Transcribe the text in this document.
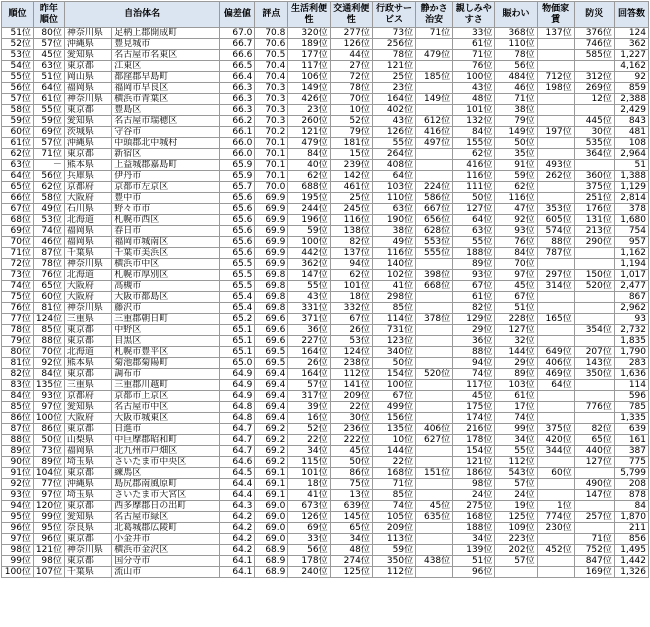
順位	昨年順位	自治体名		偏差値	評点	生活利便性	交通利便性	行政サービス	静かさ治安	親しみやすさ	賑わい	物価家賃	防災	回答数
51位	80位	神奈川県	足柄上郡開成町	67.0	70.8	320位	277位	73位	71位	33位	368位	137位	376位	124
52位	57位	沖縄県	豊見城市	66.7	70.6	189位	126位	256位		61位	110位		746位	362
53位	45位	愛知県	名古屋市名東区	66.6	70.5	177位	44位	78位	479位	71位	78位		585位	1,227
54位	63位	東京都	江東区	66.5	70.4	117位	27位	121位		76位	56位			4,162
55位	51位	岡山県	都窪郡早島町	66.4	70.4	106位	72位	25位	185位	100位	484位	712位	312位	92
56位	64位	福岡県	福岡市早良区	66.3	70.3	149位	78位	23位		43位	46位	198位	269位	859
57位	61位	神奈川県	横浜市青葉区	66.3	70.3	426位	70位	164位	149位	48位	71位		12位	2,388
58位	55位	東京都	豊島区	66.3	70.3	23位	10位	402位		101位	38位			2,429
59位	59位	愛知県	名古屋市瑞穂区	66.2	70.3	260位	52位	43位	612位	132位	79位		445位	843
60位	69位	茨城県	守谷市	66.1	70.2	121位	79位	126位	416位	84位	149位	197位	30位	481
61位	57位	沖縄県	中頭郡北中城村	66.0	70.1	479位	181位	55位	497位	155位	50位		535位	108
62位	71位	東京都	新宿区	66.0	70.1	84位	15位	264位		62位	35位		364位	2,964
63位	－	熊本県	上益城郡嘉島町	65.9	70.1	40位	239位	408位		416位	91位	493位		51
64位	56位	兵庫県	伊丹市	65.9	70.1	62位	142位	64位		116位	59位	262位	360位	1,388
65位	62位	京都府	京都市左京区	65.7	70.0	688位	461位	103位	224位	111位	62位		375位	1,129
66位	58位	大阪府	豊中市	65.6	69.9	195位	25位	110位	586位	50位	116位		251位	2,814
67位	49位	石川県	野々市市	65.6	69.9	244位	245位	63位	667位	127位	47位	353位	176位	378
68位	53位	北海道	札幌市西区	65.6	69.9	196位	116位	190位	656位	64位	92位	605位	131位	1,680
69位	74位	福岡県	春日市	65.6	69.9	59位	138位	38位	628位	63位	93位	574位	213位	754
70位	46位	福岡県	福岡市城南区	65.6	69.9	100位	82位	49位	553位	55位	76位	88位	290位	957
71位	87位	千葉県	千葉市美浜区	65.6	69.9	442位	137位	116位	555位	188位	84位	787位		1,162
72位	78位	神奈川県	横浜市中区	65.5	69.9	362位	94位	140位		89位	70位			1,194
73位	76位	北海道	札幌市厚別区	65.5	69.8	147位	62位	102位	398位	93位	97位	297位	150位	1,017
74位	65位	大阪府	高槻市	65.5	69.8	55位	101位	41位	668位	67位	45位	314位	520位	2,477
75位	60位	大阪府	大阪市都島区	65.4	69.8	43位	18位	298位		61位	67位			867
76位	81位	神奈川県	藤沢市	65.4	69.8	331位	332位	85位		82位	51位			2,962
77位	124位	三重県	三重郡朝日町	65.2	69.6	371位	67位	114位	378位	129位	228位	165位		93
78位	85位	東京都	中野区	65.1	69.6	36位	26位	731位		29位	127位		354位	2,732
79位	88位	東京都	目黒区	65.1	69.6	227位	53位	123位		36位	32位			1,835
80位	70位	北海道	札幌市豊平区	65.1	69.5	164位	124位	340位		88位	144位	649位	207位	1,790
81位	92位	熊本県	菊池郡菊陽町	65.0	69.5	26位	238位	50位		94位	29位	406位	143位	283
82位	84位	東京都	調布市	64.9	69.4	164位	112位	154位	520位	74位	89位	469位	350位	1,636
83位	135位	三重県	三重郡川越町	64.9	69.4	57位	141位	100位		117位	103位	64位		114
84位	93位	京都府	京都市上京区	64.9	69.4	317位	209位	67位		45位	61位			596
85位	97位	愛知県	名古屋市中区	64.8	69.4	39位	22位	499位		175位	17位		776位	785
86位	100位	大阪府	大阪市城東区	64.8	69.4	16位	30位	156位		174位	74位			1,335
87位	86位	東京都	日進市	64.7	69.2	52位	236位	135位	406位	216位	99位	375位	82位	639
88位	50位	山梨県	中巨摩郡昭和町	64.7	69.2	22位	222位	10位	627位	178位	34位	420位	65位	161
89位	73位	福岡県	北九州市戸畑区	64.7	69.2	34位	45位	144位		154位	55位	344位	440位	387
90位	89位	埼玉県	さいたま市中央区	64.6	69.2	115位	50位	22位		121位	112位		127位	775
91位	104位	東京都	練馬区	64.5	69.1	101位	86位	168位	151位	186位	543位	60位		5,799
92位	77位	沖縄県	島尻郡南風原町	64.4	69.1	18位	75位	71位		98位	57位		490位	208
93位	97位	埼玉県	さいたま市大宮区	64.4	69.1	41位	13位	85位		24位	24位		147位	878
94位	120位	東京都	西多摩郡日の出町	64.3	69.0	673位	639位	74位	45位	275位	19位	1位		84
95位	99位	愛知県	名古屋市緑区	64.2	69.0	126位	145位	105位	635位	168位	125位	774位	257位	1,870
96位	95位	奈良県	北葛城郡広陵町	64.2	69.0	69位	65位	209位		188位	109位	230位		211
97位	96位	東京都	小金井市	64.2	69.0	33位	34位	113位		34位	223位		71位	856
98位	121位	神奈川県	横浜市金沢区	64.2	68.9	56位	48位	59位		139位	202位	452位	752位	1,495
99位	98位	東京都	国分寺市	64.1	68.9	178位	274位	350位	438位	51位	57位		847位	1,442
100位	107位	千葉県	流山市	64.1	68.9	240位	125位	112位		96位			169位	1,326
